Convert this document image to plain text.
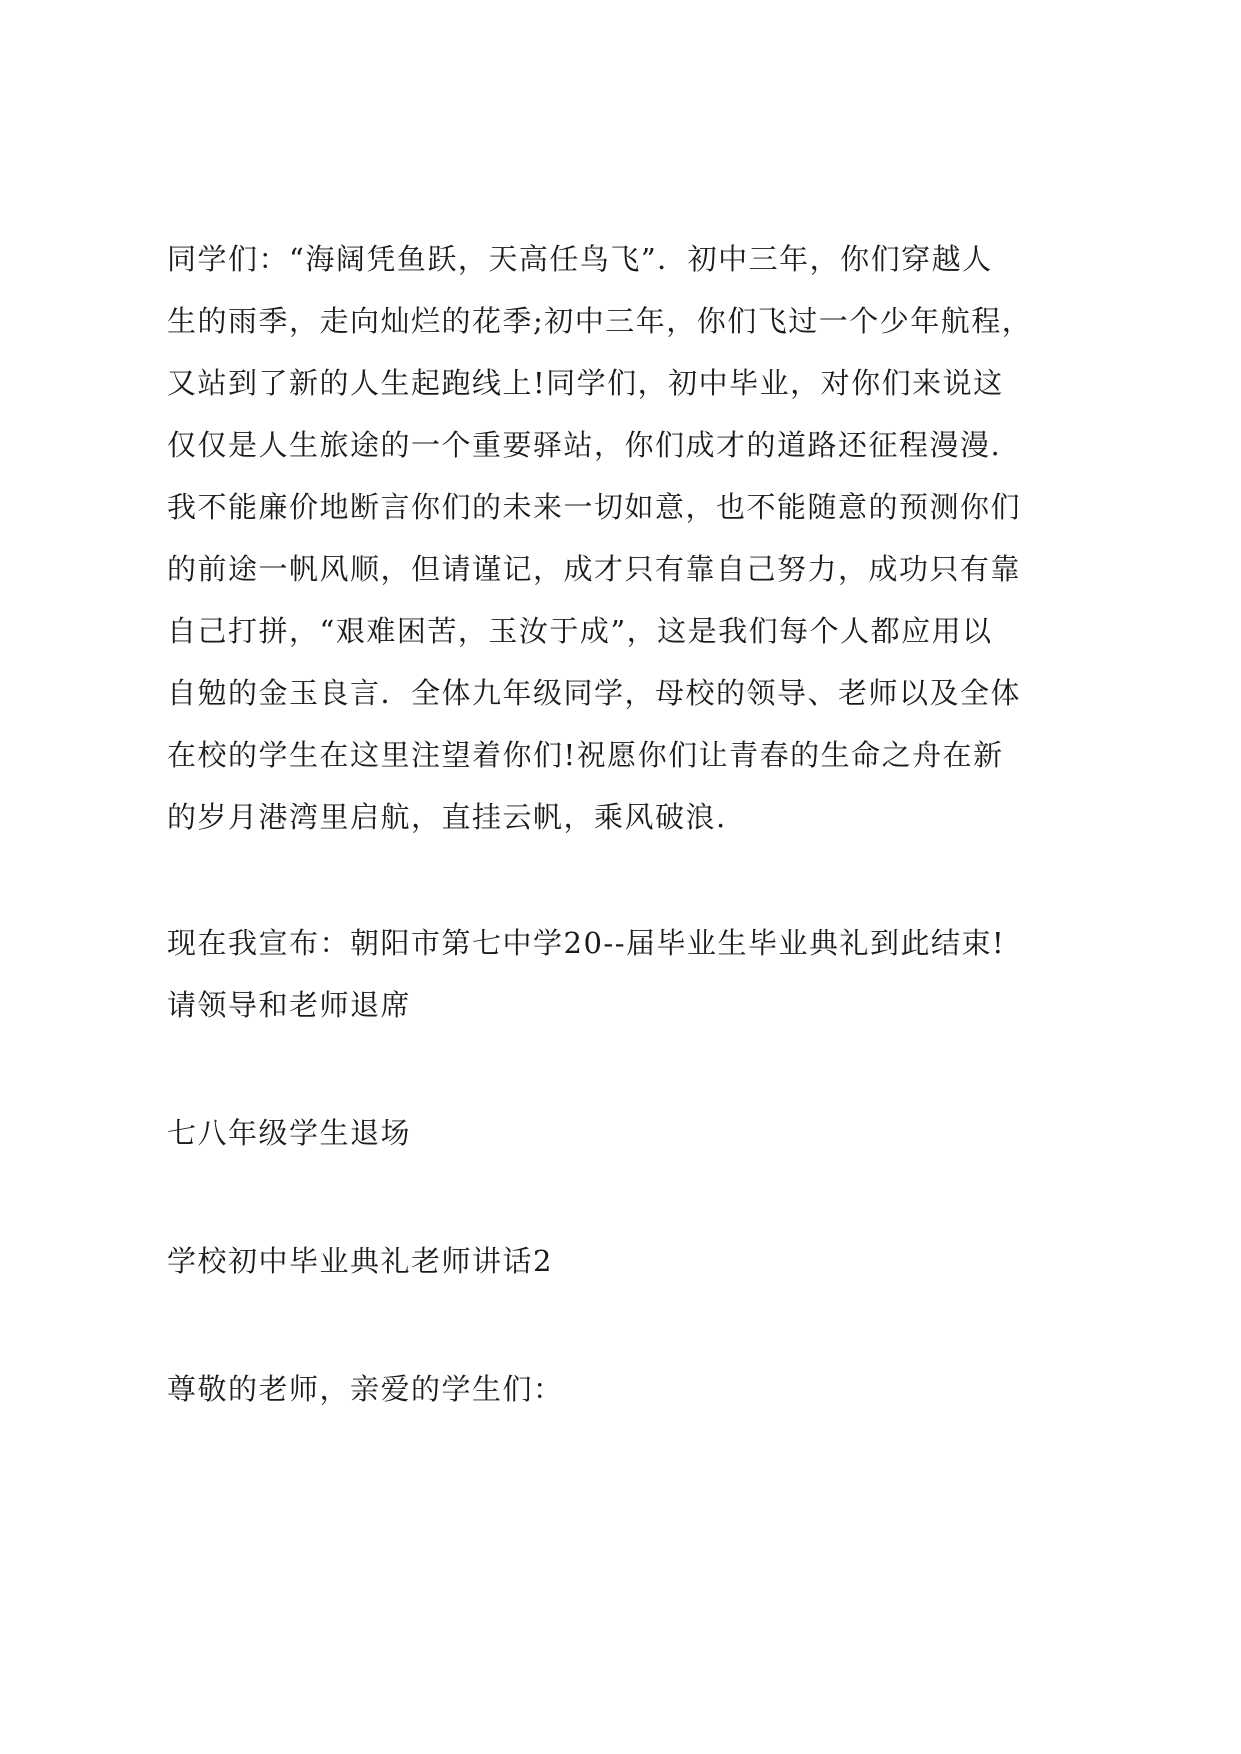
同学们：“海阔凭鱼跃，天高任鸟飞”．初中三年，你们穿越人
生的雨季，走向灿烂的花季;初中三年，你们飞过一个少年航程，
又站到了新的人生起跑线上!同学们，初中毕业，对你们来说这
仅仅是人生旅途的一个重要驿站，你们成才的道路还征程漫漫.
我不能廉价地断言你们的未来一切如意，也不能随意的预测你们
的前途一帆风顺，但请谨记，成才只有靠自己努力，成功只有靠
自己打拼，“艰难困苦，玉汝于成”，这是我们每个人都应用以
自勉的金玉良言．全体九年级同学，母校的领导、老师以及全体
在校的学生在这里注望着你们!祝愿你们让青春的生命之舟在新
的岁月港湾里启航，直挂云帆，乘风破浪.
现在我宣布：朝阳市第七中学20--届毕业生毕业典礼到此结束!
请领导和老师退席
七八年级学生退场
学校初中毕业典礼老师讲话2
尊敬的老师，亲爱的学生们：
